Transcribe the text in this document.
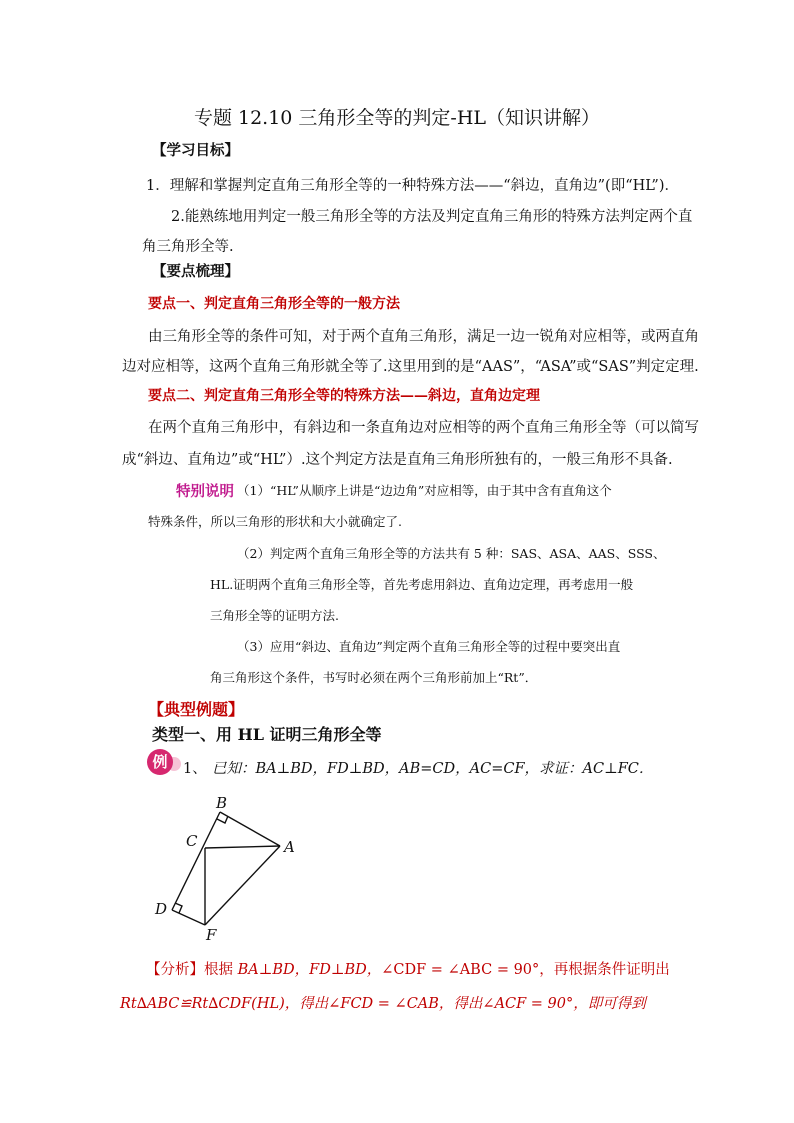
专题 12.10 三角形全等的判定-HL（知识讲解）
【学习目标】
1．理解和掌握判定直角三角形全等的一种特殊方法——“斜边，直角边”(即“HL”)．
2.能熟练地用判定一般三角形全等的方法及判定直角三角形的特殊方法判定两个直
角三角形全等.
【要点梳理】
要点一、判定直角三角形全等的一般方法
由三角形全等的条件可知，对于两个直角三角形，满足一边一锐角对应相等，或两直角
边对应相等，这两个直角三角形就全等了.这里用到的是“AAS”，“ASA”或“SAS”判定定理.
要点二、判定直角三角形全等的特殊方法——斜边，直角边定理
在两个直角三角形中，有斜边和一条直角边对应相等的两个直角三角形全等（可以简写
成“斜边、直角边”或“HL”）.这个判定方法是直角三角形所独有的，一般三角形不具备.
特别说明 （1）“HL”从顺序上讲是“边边角”对应相等，由于其中含有直角这个
特殊条件，所以三角形的形状和大小就确定了.
（2）判定两个直角三角形全等的方法共有 5 种：SAS、ASA、AAS、SSS、
HL.证明两个直角三角形全等，首先考虑用斜边、直角边定理，再考虑用一般
三角形全等的证明方法.
（3）应用“斜边、直角边”判定两个直角三角形全等的过程中要突出直
角三角形这个条件，书写时必须在两个三角形前加上“Rt”．
【典型例题】
类型一、用 HL 证明三角形全等
例	1、 已知：BA⊥BD，FD⊥BD，AB=CD，AC=CF，求证：AC⊥FC．
B
C	A
D
F
【分析】根据 BA⊥BD，FD⊥BD，∠CDF = ∠ABC = 90°，再根据条件证明出
Rt∆ABC≌Rt∆CDF(HL)，得出∠FCD = ∠CAB，得出∠ACF = 90°，即可得到
